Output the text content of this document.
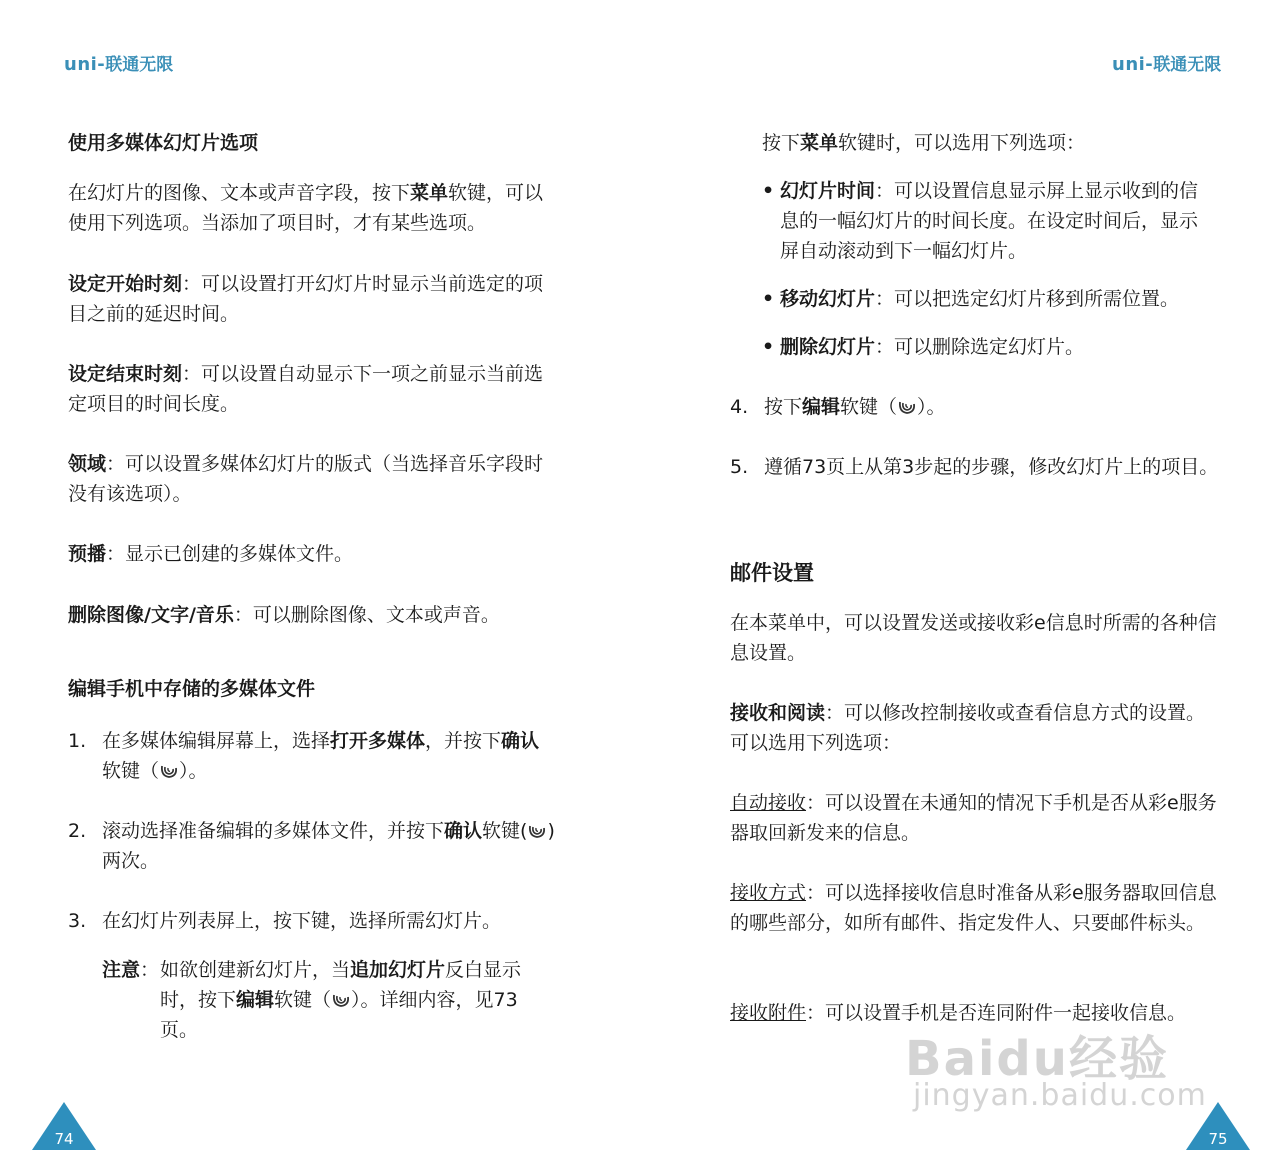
uni-联通无限

使用多媒体幻灯片选项

在幻灯片的图像、文本或声音字段，按下菜单软键，可以使用下列选项。当添加了项目时，才有某些选项。

设定开始时刻：可以设置打开幻灯片时显示当前选定的项目之前的延迟时间。

设定结束时刻：可以设置自动显示下一项之前显示当前选定项目的时间长度。

领域：可以设置多媒体幻灯片的版式（当选择音乐字段时没有该选项）。

预播：显示已创建的多媒体文件。

删除图像/文字/音乐：可以删除图像、文本或声音。

编辑手机中存储的多媒体文件

1. 在多媒体编辑屏幕上，选择打开多媒体，并按下确认软键（ ）。
2. 滚动选择准备编辑的多媒体文件，并按下确认软键( )两次。
3. 在幻灯片列表屏上，按下键，选择所需幻灯片。
注意 ： 如欲创建新幻灯片，当追加幻灯片反白显示时，按下编辑软键（ ）。详细内容，见73页。
74
uni-联通无限
75

按下菜单软键时，可以选用下列选项：

• 幻灯片时间：可以设置信息显示屏上显示收到的信息的一幅幻灯片的时间长度。在设定时间后，显示屏自动滚动到下一幅幻灯片。
• 移动幻灯片：可以把选定幻灯片移到所需位置。
• 删除幻灯片：可以删除选定幻灯片。
4. 按下编辑软键（ ）。
5. 遵循73页上从第3步起的步骤，修改幻灯片上的项目。

邮件设置

在本菜单中，可以设置发送或接收彩e信息时所需的各种信息设置。

接收和阅读：可以修改控制接收或查看信息方式的设置。可以选用下列选项：

自动接收：可以设置在未通知的情况下手机是否从彩e服务器取回新发来的信息。

接收方式：可以选择接收信息时准备从彩e服务器取回信息的哪些部分，如所有邮件、指定发件人、只要邮件标头。

接收附件：可以设置手机是否连同附件一起接收信息。

Baidu经验
jingyan.baidu.com
